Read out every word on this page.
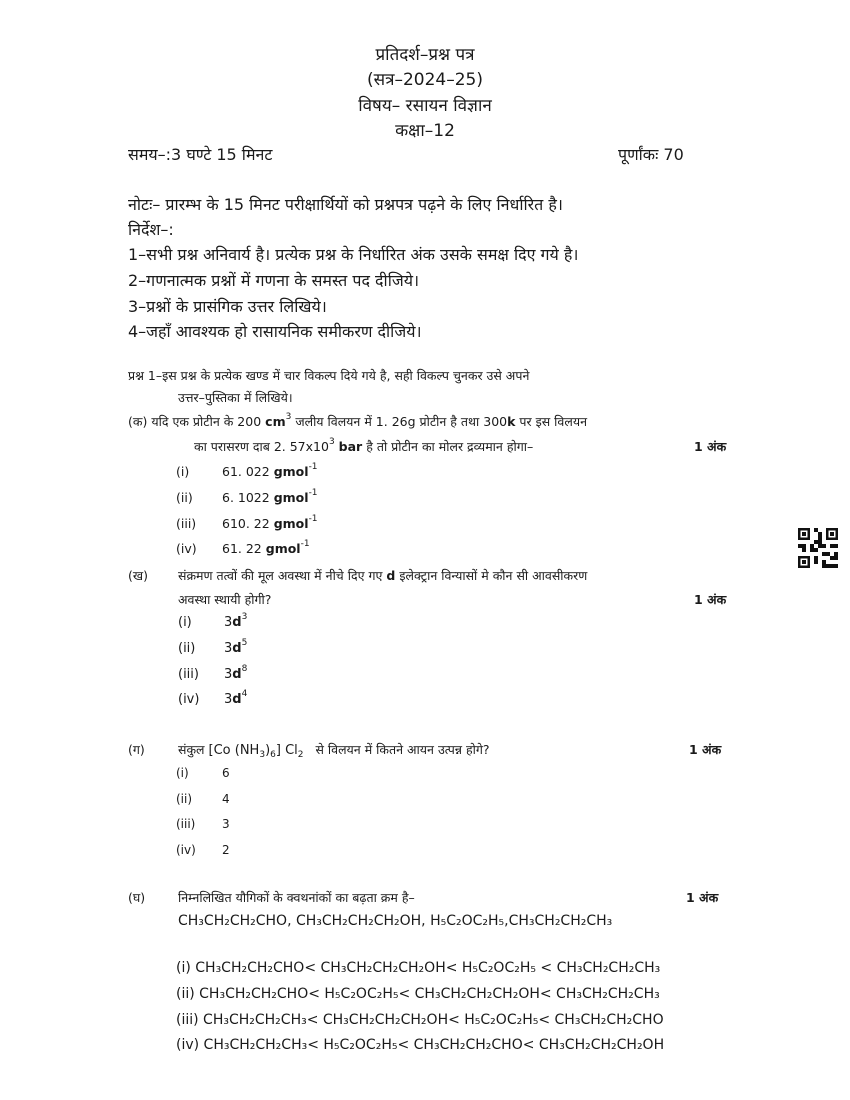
प्रतिदर्श–प्रश्न पत्र
(सत्र–2024–25)
विषय– रसायन विज्ञान
कक्षा–12
समय–:3 घण्टे 15 मिनट	पूर्णांकः 70
नोटः– प्रारम्भ के 15 मिनट परीक्षार्थियों को प्रश्नपत्र पढ़ने के लिए निर्धारित है।
निर्देश–:
1–सभी प्रश्न अनिवार्य है। प्रत्येक प्रश्न के निर्धारित अंक उसके समक्ष दिए गये है।
2–गणनात्मक प्रश्नों में गणना के समस्त पद दीजिये।
3–प्रश्नों के प्रासंगिक उत्तर लिखिये।
4–जहाँ आवश्यक हो रासायनिक समीकरण दीजिये।
प्रश्न 1–इस प्रश्न के प्रत्येक खण्ड में चार विकल्प दिये गये है, सही विकल्प चुनकर उसे अपने
उत्तर–पुस्तिका में लिखिये।
(क) यदि एक प्रोटीन के 200 $cm^3$ जलीय विलयन में 1. 26g प्रोटीन है तथा 300k पर इस विलयन
का परासरण दाब 2. $57x10^3$ bar है तो प्रोटीन का मोलर द्रव्यमान होगा–	1 अंक
(i)	61. 022 gmol$^{-1}$
(ii) 6. 1022 gmol$^{-1}$
(iii) 610. 22 gmol$^{-1}$
(iv) 61. 22 gmol$^{-1}$
(ख) संक्रमण तत्वों की मूल अवस्था में नीचे दिए गए d इलेक्ट्रान विन्यासों मे कौन सी आवसीकरण
अवस्था स्थायी होगी?	1 अंक
(i) $3d^3$
(ii) $3d^5$
(iii) $3d^8$
(iv) $3d^4$
(ग)	संकुल [Co $(NH_3)_6$] $Cl_2$ से विलयन में कितने आयन उत्पन्न होगे?	1 अंक
(i)	6
(ii) 4
(iii) 3
(iv) 2
(घ)	निम्नलिखित यौगिकों के क्वथनांकों का बढ़ता क्रम है–	1 अंक
CH₃CH₂CH₂CHO, CH₃CH₂CH₂CH₂OH, H₅C₂OC₂H₅,CH₃CH₂CH₂CH₃
(i) CH₃CH₂CH₂CHO< CH₃CH₂CH₂CH₂OH< H₅C₂OC₂H₅ < CH₃CH₂CH₂CH₃
(ii) CH₃CH₂CH₂CHO< H₅C₂OC₂H₅< CH₃CH₂CH₂CH₂OH< CH₃CH₂CH₂CH₃
(iii) CH₃CH₂CH₂CH₃< CH₃CH₂CH₂CH₂OH< H₅C₂OC₂H₅< CH₃CH₂CH₂CHO
(iv) CH₃CH₂CH₂CH₃< H₅C₂OC₂H₅< CH₃CH₂CH₂CHO< CH₃CH₂CH₂CH₂OH
